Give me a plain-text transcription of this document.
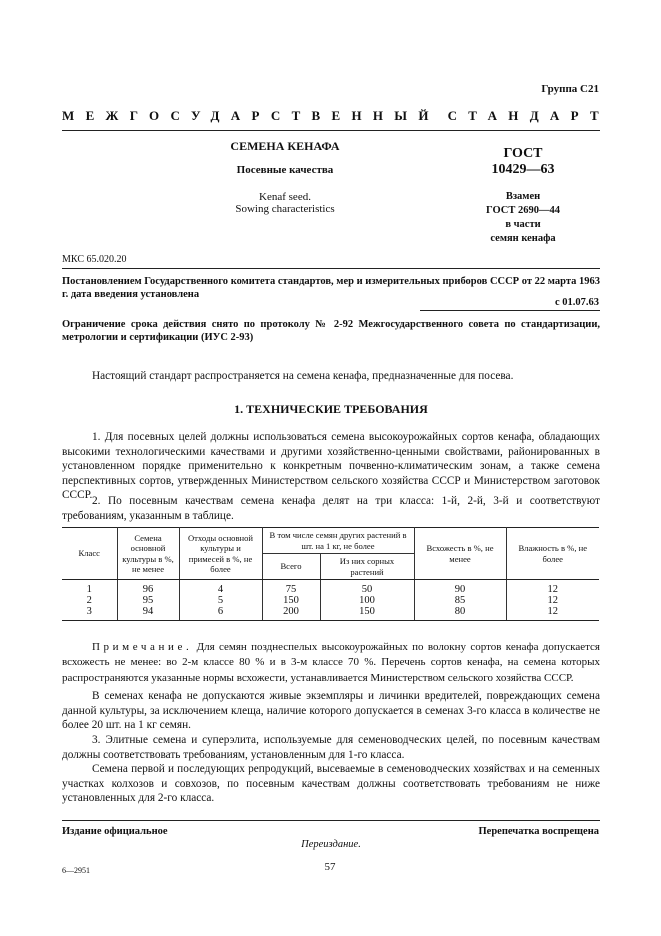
Группа С21
МЕЖГОСУДАРСТВЕННЫЙ СТАНДАРТ
СЕМЕНА КЕНАФА
Посевные качества
Kenaf seed.
Sowing characteristics
ГОСТ
10429—63
Взамен
ГОСТ 2690—44
в части
семян кенафа
МКС 65.020.20
Постановлением Государственного комитета стандартов, мер и измерительных приборов СССР от 22 марта 1963 г. дата введения установлена
с 01.07.63
Ограничение срока действия снято по протоколу № 2-92 Межгосударственного совета по стандартизации, метрологии и сертификации (ИУС 2-93)
Настоящий стандарт распространяется на семена кенафа, предназначенные для посева.
1. ТЕХНИЧЕСКИЕ ТРЕБОВАНИЯ
1. Для посевных целей должны использоваться семена высокоурожайных сортов кенафа, обладающих высокими технологическими качествами и другими хозяйственно-ценными свойствами, районированных в установленном порядке применительно к конкретным почвенно-климатическим зонам, а также семена перспективных сортов, утвержденных Министерством сельского хозяйства СССР и Министерством заготовок СССР. 2. По посевным качествам семена кенафа делят на три класса: 1-й, 2-й, 3-й и соответствуют требованиям, указанным в таблице.
Класс	Семена основной культуры в %, не менее	Отходы основной культуры и примесей в %, не более	В том числе семян других растений в шт. на 1 кг, не более		Всхожесть в %, не менее	Влажность в %, не более
			Всего	Из них сорных растений		
1	96	4	75	50	90	12
2	95	5	150	100	85	12
3	94	6	200	150	80	12
Примечание. Для семян позднеспелых высокоурожайных по волокну сортов кенафа допускается всхожесть не менее: во 2-м классе 80 % и в 3-м классе 70 %. Перечень сортов кенафа, на семена которых распространяются указанные нормы всхожести, устанавливается Министерством сельского хозяйства СССР.
В семенах кенафа не допускаются живые экземпляры и личинки вредителей, повреждающих семена данной культуры, за исключением клеща, наличие которого допускается в семенах 3-го класса в количестве не более 20 шт. на 1 кг семян.
3. Элитные семена и суперэлита, используемые для семеноводческих целей, по посевным качествам должны соответствовать требованиям, установленным для 1-го класса.
Семена первой и последующих репродукций, высеваемые в семеноводческих хозяйствах и на семенных участках колхозов и совхозов, по посевным качествам должны соответствовать требованиям не ниже установленных для 2-го класса.
Издание официальное	Перепечатка воспрещена
Переиздание.
57
6—2951
